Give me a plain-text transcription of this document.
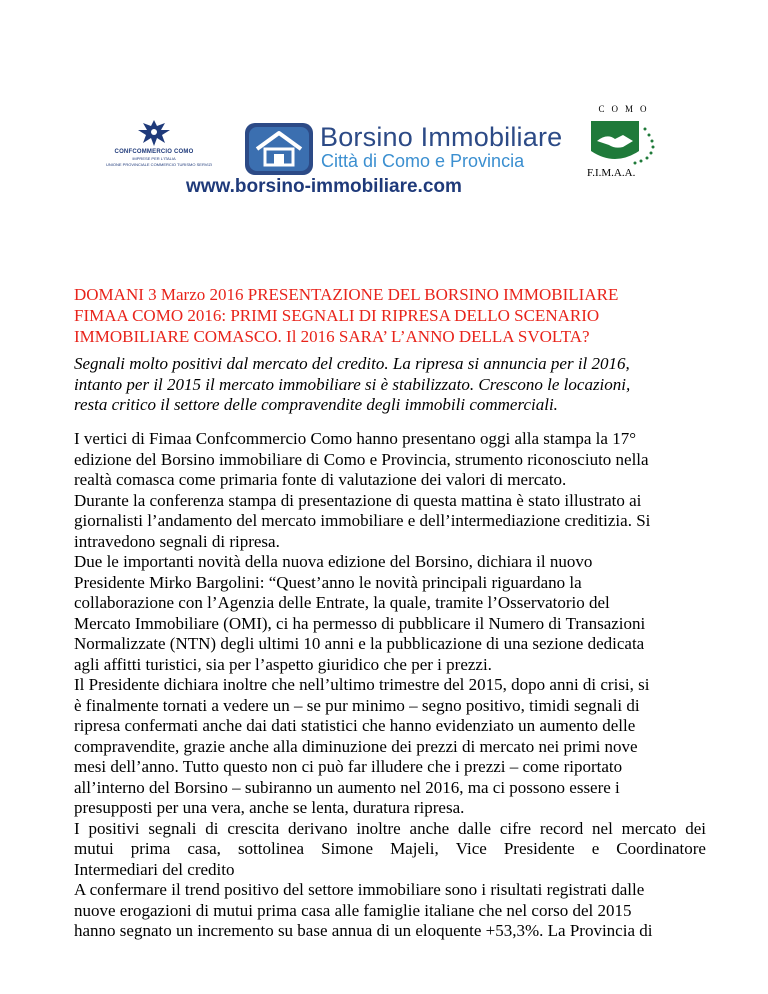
CONFCOMMERCIO COMO
IMPRESE PER L'ITALIA
UNIONE PROVINCIALE COMMERCIO TURISMO SERVIZI
Borsino Immobiliare
Città di Como e Provincia
www.borsino-immobiliare.com
COMO
F.I.M.A.A.
DOMANI 3 Marzo 2016 PRESENTAZIONE DEL BORSINO IMMOBILIARE
FIMAA COMO 2016: PRIMI SEGNALI DI RIPRESA DELLO SCENARIO
IMMOBILIARE COMASCO. Il 2016 SARA’ L’ANNO DELLA SVOLTA?
Segnali molto positivi dal mercato del credito. La ripresa si annuncia per il 2016,
intanto per il 2015 il mercato immobiliare si è stabilizzato. Crescono le locazioni,
resta critico il settore delle compravendite degli immobili commerciali.
I vertici di Fimaa Confcommercio Como hanno presentano oggi alla stampa la 17°
edizione del Borsino immobiliare di Como e Provincia, strumento riconosciuto nella
realtà comasca come primaria fonte di valutazione dei valori di mercato.
Durante la conferenza stampa di presentazione di questa mattina è stato illustrato ai
giornalisti l’andamento del mercato immobiliare e dell’intermediazione creditizia. Si
intravedono segnali di ripresa.
Due le importanti novità della nuova edizione del Borsino, dichiara il nuovo
Presidente Mirko Bargolini: “Quest’anno le novità principali riguardano la
collaborazione con l’Agenzia delle Entrate, la quale, tramite l’Osservatorio del
Mercato Immobiliare (OMI), ci ha permesso di pubblicare il Numero di Transazioni
Normalizzate (NTN) degli ultimi 10 anni e la pubblicazione di una sezione dedicata
agli affitti turistici, sia per l’aspetto giuridico che per i prezzi.
Il Presidente dichiara inoltre che nell’ultimo trimestre del 2015, dopo anni di crisi, si
è finalmente tornati a vedere un – se pur minimo – segno positivo, timidi segnali di
ripresa confermati anche dai dati statistici che hanno evidenziato un aumento delle
compravendite, grazie anche alla diminuzione dei prezzi di mercato nei primi nove
mesi dell’anno. Tutto questo non ci può far illudere che i prezzi – come riportato
all’interno del Borsino – subiranno un aumento nel 2016, ma ci possono essere i
presupposti per una vera, anche se lenta, duratura ripresa.
I positivi segnali di crescita derivano inoltre anche dalle cifre record nel mercato dei
mutui prima casa, sottolinea Simone Majeli, Vice Presidente e Coordinatore
Intermediari del credito
A confermare il trend positivo del settore immobiliare sono i risultati registrati dalle
nuove erogazioni di mutui prima casa alle famiglie italiane che nel corso del 2015
hanno segnato un incremento su base annua di un eloquente +53,3%. La Provincia di
